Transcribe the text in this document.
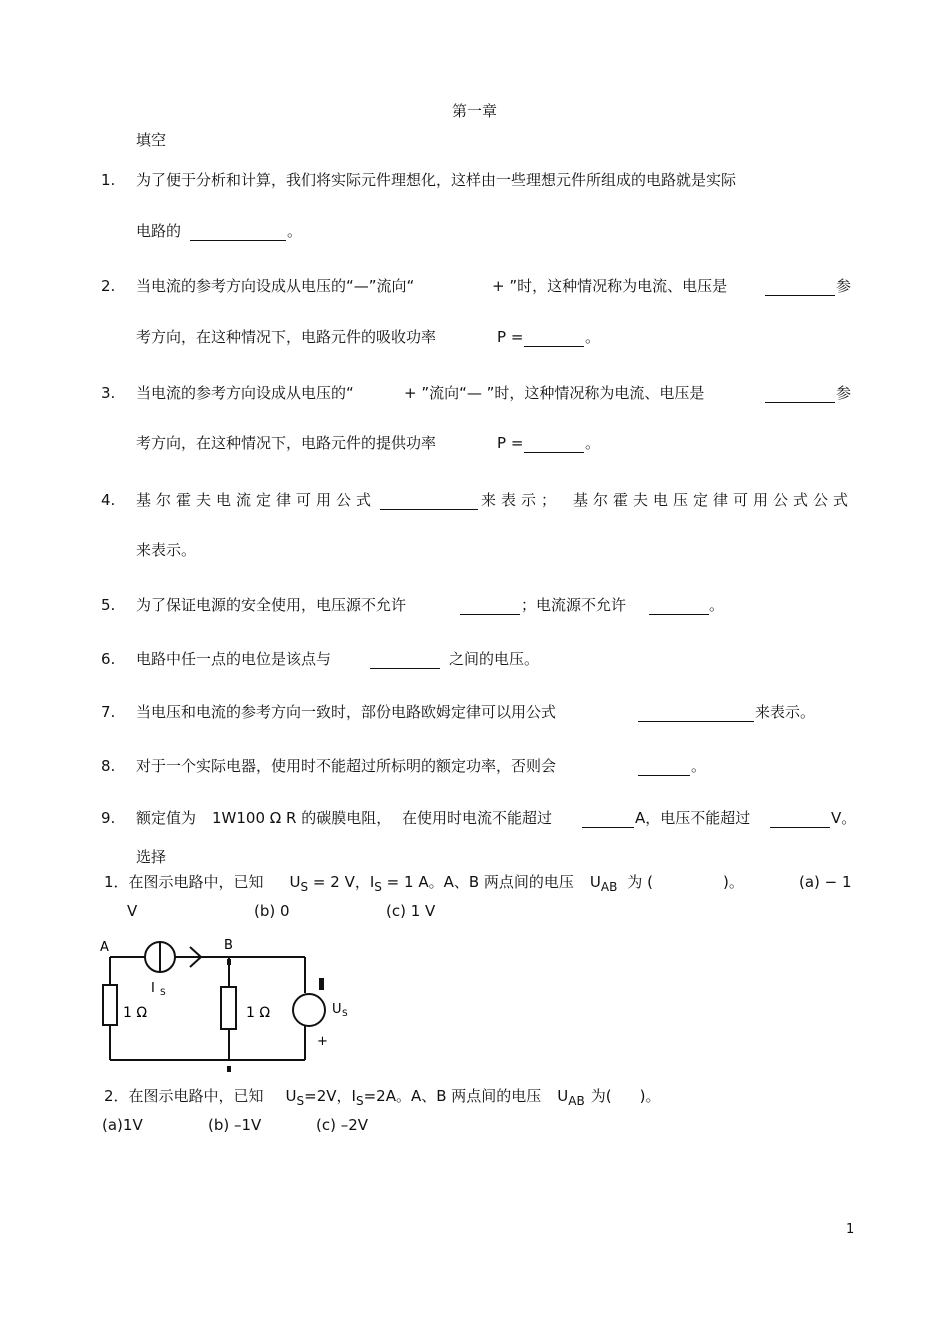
第一章
填空
1. 为了便于分析和计算，我们将实际元件理想化，这样由一些理想元件所组成的电路就是实际
电路的	。
2. 当电流的参考方向设成从电压的“—”流向“	+ ”时，这种情况称为电流、电压是	参
考方向，在这种情况下，电路元件的吸收功率	P =	。
3. 当电流的参考方向设成从电压的“	+ ”流向“— ”时，这种情况称为电流、电压是	参
考方向，在这种情况下，电路元件的提供功率	P =	。
4. 基尔霍夫电流定律可用公式	来表示； 基尔霍夫电压定律可用公式公式
来表示。
5. 为了保证电源的安全使用，电压源不允许	；电流源不允许	。
6. 电路中任一点的电位是该点与	之间的电压。
7. 当电压和电流的参考方向一致时，部份电路欧姆定律可以用公式	来表示。
8. 对于一个实际电器，使用时不能超过所标明的额定功率，否则会	。
9. 额定值为 1W100 Ω R 的碳膜电阻， 在使用时电流不能超过	A，电压不能超过	V。
选择
1．在图示电路中，已知 $U_S = 2$ V，$I_S = 1$ A。A、B 两点间的电压 $U_{AB}$ 为 (	)。	(a) − 1
V	(b) 0	(c) 1 V
A	B
I S
1 Ω	1 Ω	U S
+
2．在图示电路中，已知 $U_S=2V$，$I_S=2A$。A、B 两点间的电压 $U_{AB}$ 为( )。
(a)1V	(b) –1V	(c) –2V
1
